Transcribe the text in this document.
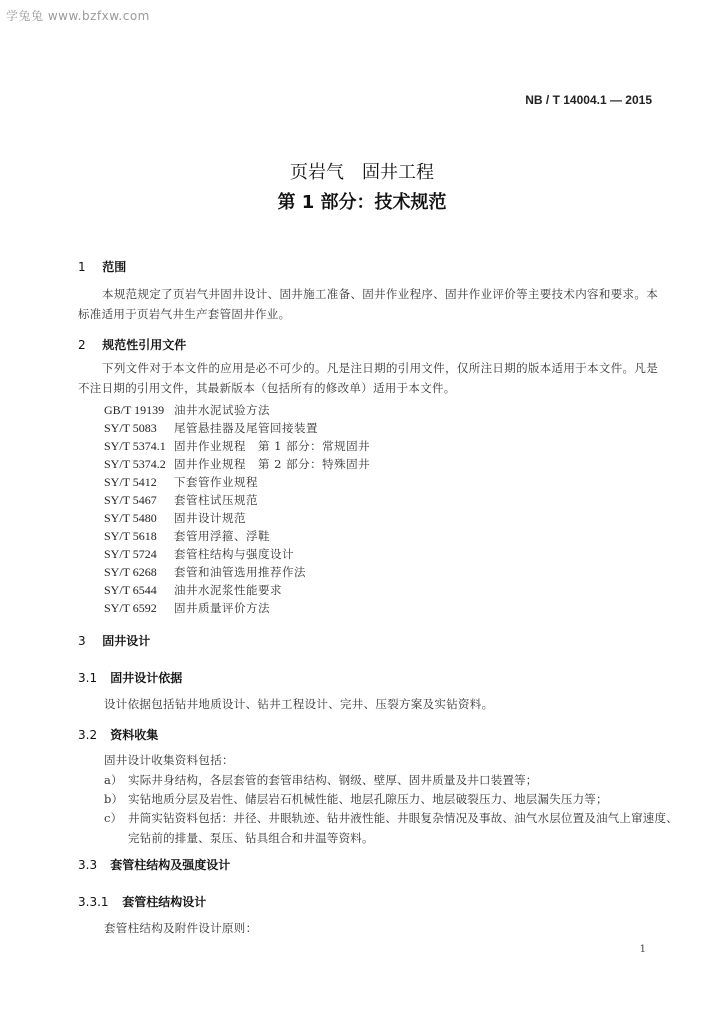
学兔兔 www.bzfxw.com
NB / T 14004.1 — 2015
页岩气　固井工程
第 1 部分：技术规范
1 范围
本规范规定了页岩气井固井设计、固井施工准备、固井作业程序、固井作业评价等主要技术内容和要求。本标准适用于页岩气井生产套管固井作业。
2 规范性引用文件
下列文件对于本文件的应用是必不可少的。凡是注日期的引用文件，仅所注日期的版本适用于本文件。凡是不注日期的引用文件，其最新版本（包括所有的修改单）适用于本文件。
GB/T 19139 油井水泥试验方法
SY/T 5083 尾管悬挂器及尾管回接装置
SY/T 5374.1 固井作业规程　第 1 部分：常规固井
SY/T 5374.2 固井作业规程　第 2 部分：特殊固井
SY/T 5412 下套管作业规程
SY/T 5467 套管柱试压规范
SY/T 5480 固井设计规范
SY/T 5618 套管用浮箍、浮鞋
SY/T 5724 套管柱结构与强度设计
SY/T 6268 套管和油管选用推荐作法
SY/T 6544 油井水泥浆性能要求
SY/T 6592 固井质量评价方法
3 固井设计
3.1 固井设计依据
设计依据包括钻井地质设计、钻井工程设计、完井、压裂方案及实钻资料。
3.2 资料收集
固井设计收集资料包括：
a） 实际井身结构，各层套管的套管串结构、钢级、壁厚、固井质量及井口装置等；
b） 实钻地质分层及岩性、储层岩石机械性能、地层孔隙压力、地层破裂压力、地层漏失压力等；
c） 井筒实钻资料包括：井径、井眼轨迹、钻井液性能、井眼复杂情况及事故、油气水层位置及油气上窜速度、完钻前的排量、泵压、钻具组合和井温等资料。
3.3 套管柱结构及强度设计
3.3.1 套管柱结构设计
套管柱结构及附件设计原则：
1
